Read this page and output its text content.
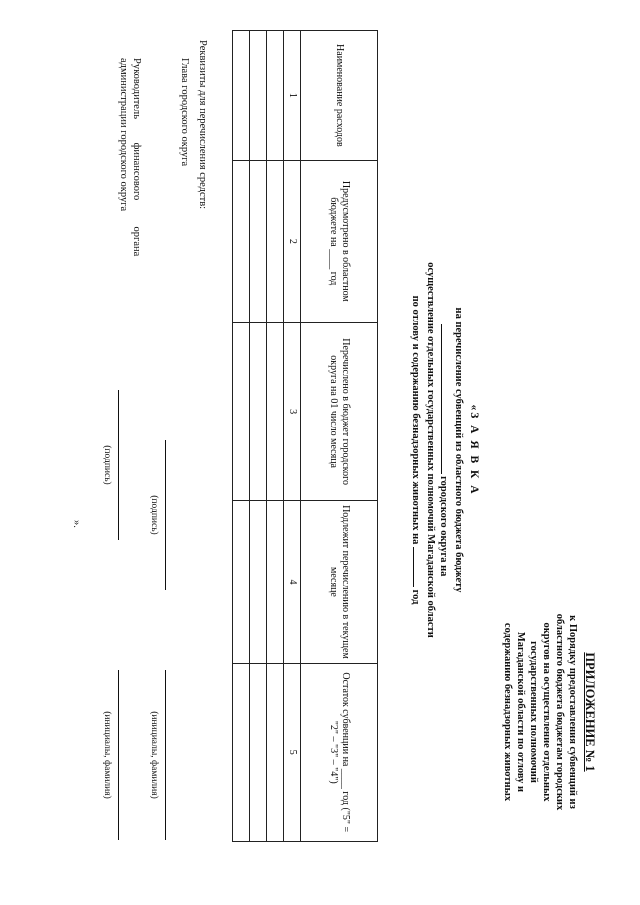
ПРИЛОЖЕНИЕ № 1
к Порядку предоставления субвенций из
областного бюджета бюджетам городских
округов на осуществление отдельных
государственных полномочий
Магаданской области по отлову и
содержанию безнадзорных животных
«З А Я В К А
на перечисление субвенций из областного бюджета бюджету
городского округа на
осуществление отдельных государственных полномочий Магаданской области
по отлову и содержанию безнадзорных животных на  год
Наименование расходов	Предусмотрено в областном бюджете на ____ год	Перечислено в бюджет городского округа на 01 число месяца	Подлежит перечислению в текущем месяце	Остаток субвенции на ____ год ("5" = "2" – "3" – "4")
1	2	3	4	5

Реквизиты для перечисления средств:
Глава городского округа
(подпись)
(инициалы, фамилия)
Руководитель         финансового          органа
администрации городского округа
(подпись)
(инициалы, фамилия)
».
